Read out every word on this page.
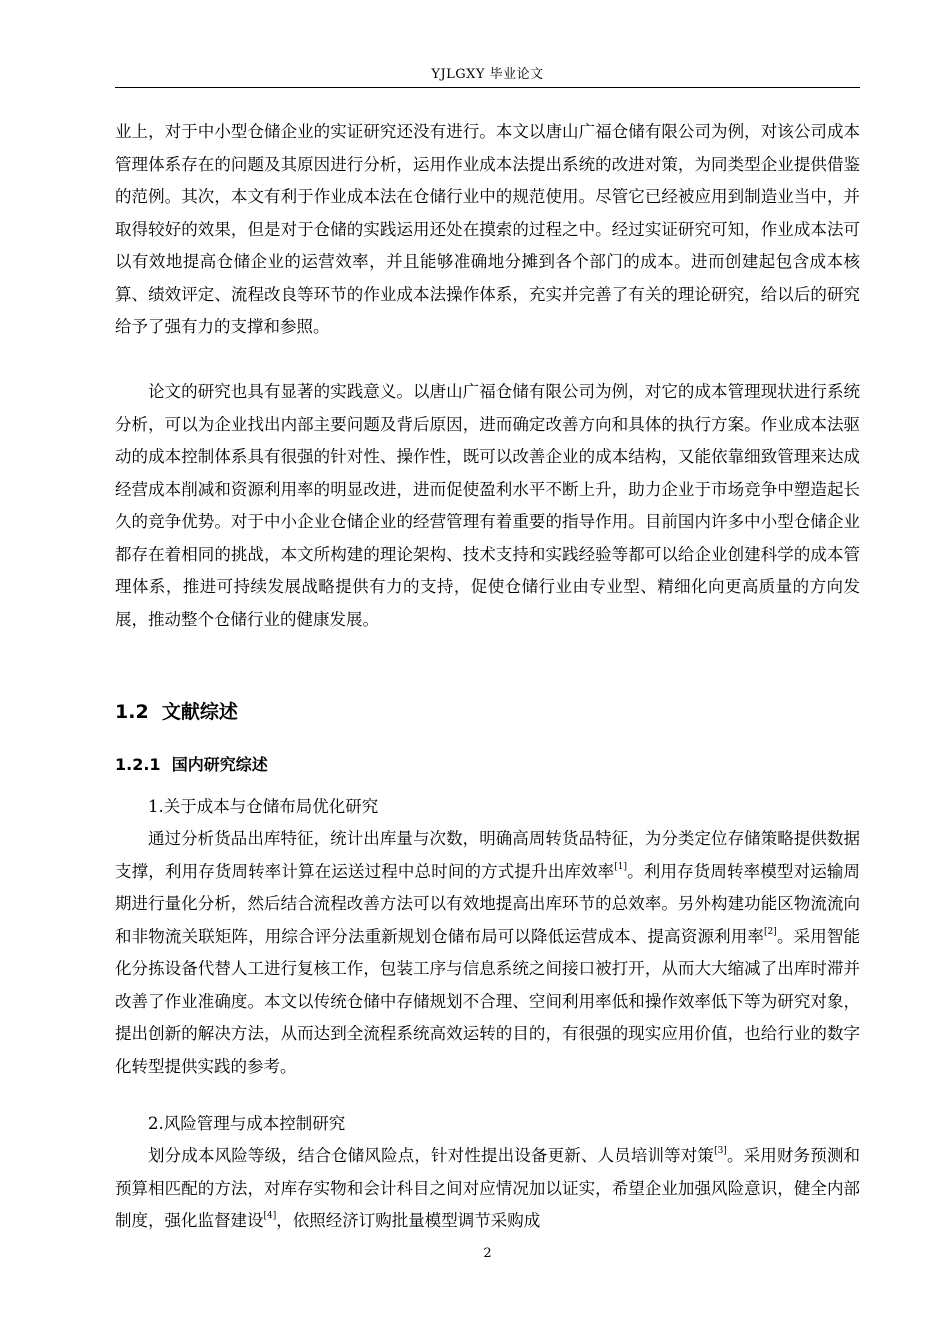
YJLGXY 毕业论文

业上，对于中小型仓储企业的实证研究还没有进行。本文以唐山广福仓储有限公司为例，对该公司成本管理体系存在的问题及其原因进行分析，运用作业成本法提出系统的改进对策，为同类型企业提供借鉴的范例。其次，本文有利于作业成本法在仓储行业中的规范使用。尽管它已经被应用到制造业当中，并取得较好的效果，但是对于仓储的实践运用还处在摸索的过程之中。经过实证研究可知，作业成本法可以有效地提高仓储企业的运营效率，并且能够准确地分摊到各个部门的成本。进而创建起包含成本核算、绩效评定、流程改良等环节的作业成本法操作体系，充实并完善了有关的理论研究，给以后的研究给予了强有力的支撑和参照。

论文的研究也具有显著的实践意义。以唐山广福仓储有限公司为例，对它的成本管理现状进行系统分析，可以为企业找出内部主要问题及背后原因，进而确定改善方向和具体的执行方案。作业成本法驱动的成本控制体系具有很强的针对性、操作性，既可以改善企业的成本结构，又能依靠细致管理来达成经营成本削减和资源利用率的明显改进，进而促使盈利水平不断上升，助力企业于市场竞争中塑造起长久的竞争优势。对于中小企业仓储企业的经营管理有着重要的指导作用。目前国内许多中小型仓储企业都存在着相同的挑战，本文所构建的理论架构、技术支持和实践经验等都可以给企业创建科学的成本管理体系，推进可持续发展战略提供有力的支持，促使仓储行业由专业型、精细化向更高质量的方向发展，推动整个仓储行业的健康发展。

1.2 文献综述
1.2.1 国内研究综述

1.关于成本与仓储布局优化研究

通过分析货品出库特征，统计出库量与次数，明确高周转货品特征，为分类定位存储策略提供数据支撑，利用存货周转率计算在运送过程中总时间的方式提升出库效率[1]。利用存货周转率模型对运输周期进行量化分析，然后结合流程改善方法可以有效地提高出库环节的总效率。另外构建功能区物流流向和非物流关联矩阵，用综合评分法重新规划仓储布局可以降低运营成本、提高资源利用率[2]。采用智能化分拣设备代替人工进行复核工作，包装工序与信息系统之间接口被打开，从而大大缩减了出库时滞并改善了作业准确度。本文以传统仓储中存储规划不合理、空间利用率低和操作效率低下等为研究对象，提出创新的解决方法，从而达到全流程系统高效运转的目的，有很强的现实应用价值，也给行业的数字化转型提供实践的参考。

2.风险管理与成本控制研究

划分成本风险等级，结合仓储风险点，针对性提出设备更新、人员培训等对策[3]。采用财务预测和预算相匹配的方法，对库存实物和会计科目之间对应情况加以证实，希望企业加强风险意识，健全内部制度，强化监督建设[4]，依照经济订购批量模型调节采购成

2
